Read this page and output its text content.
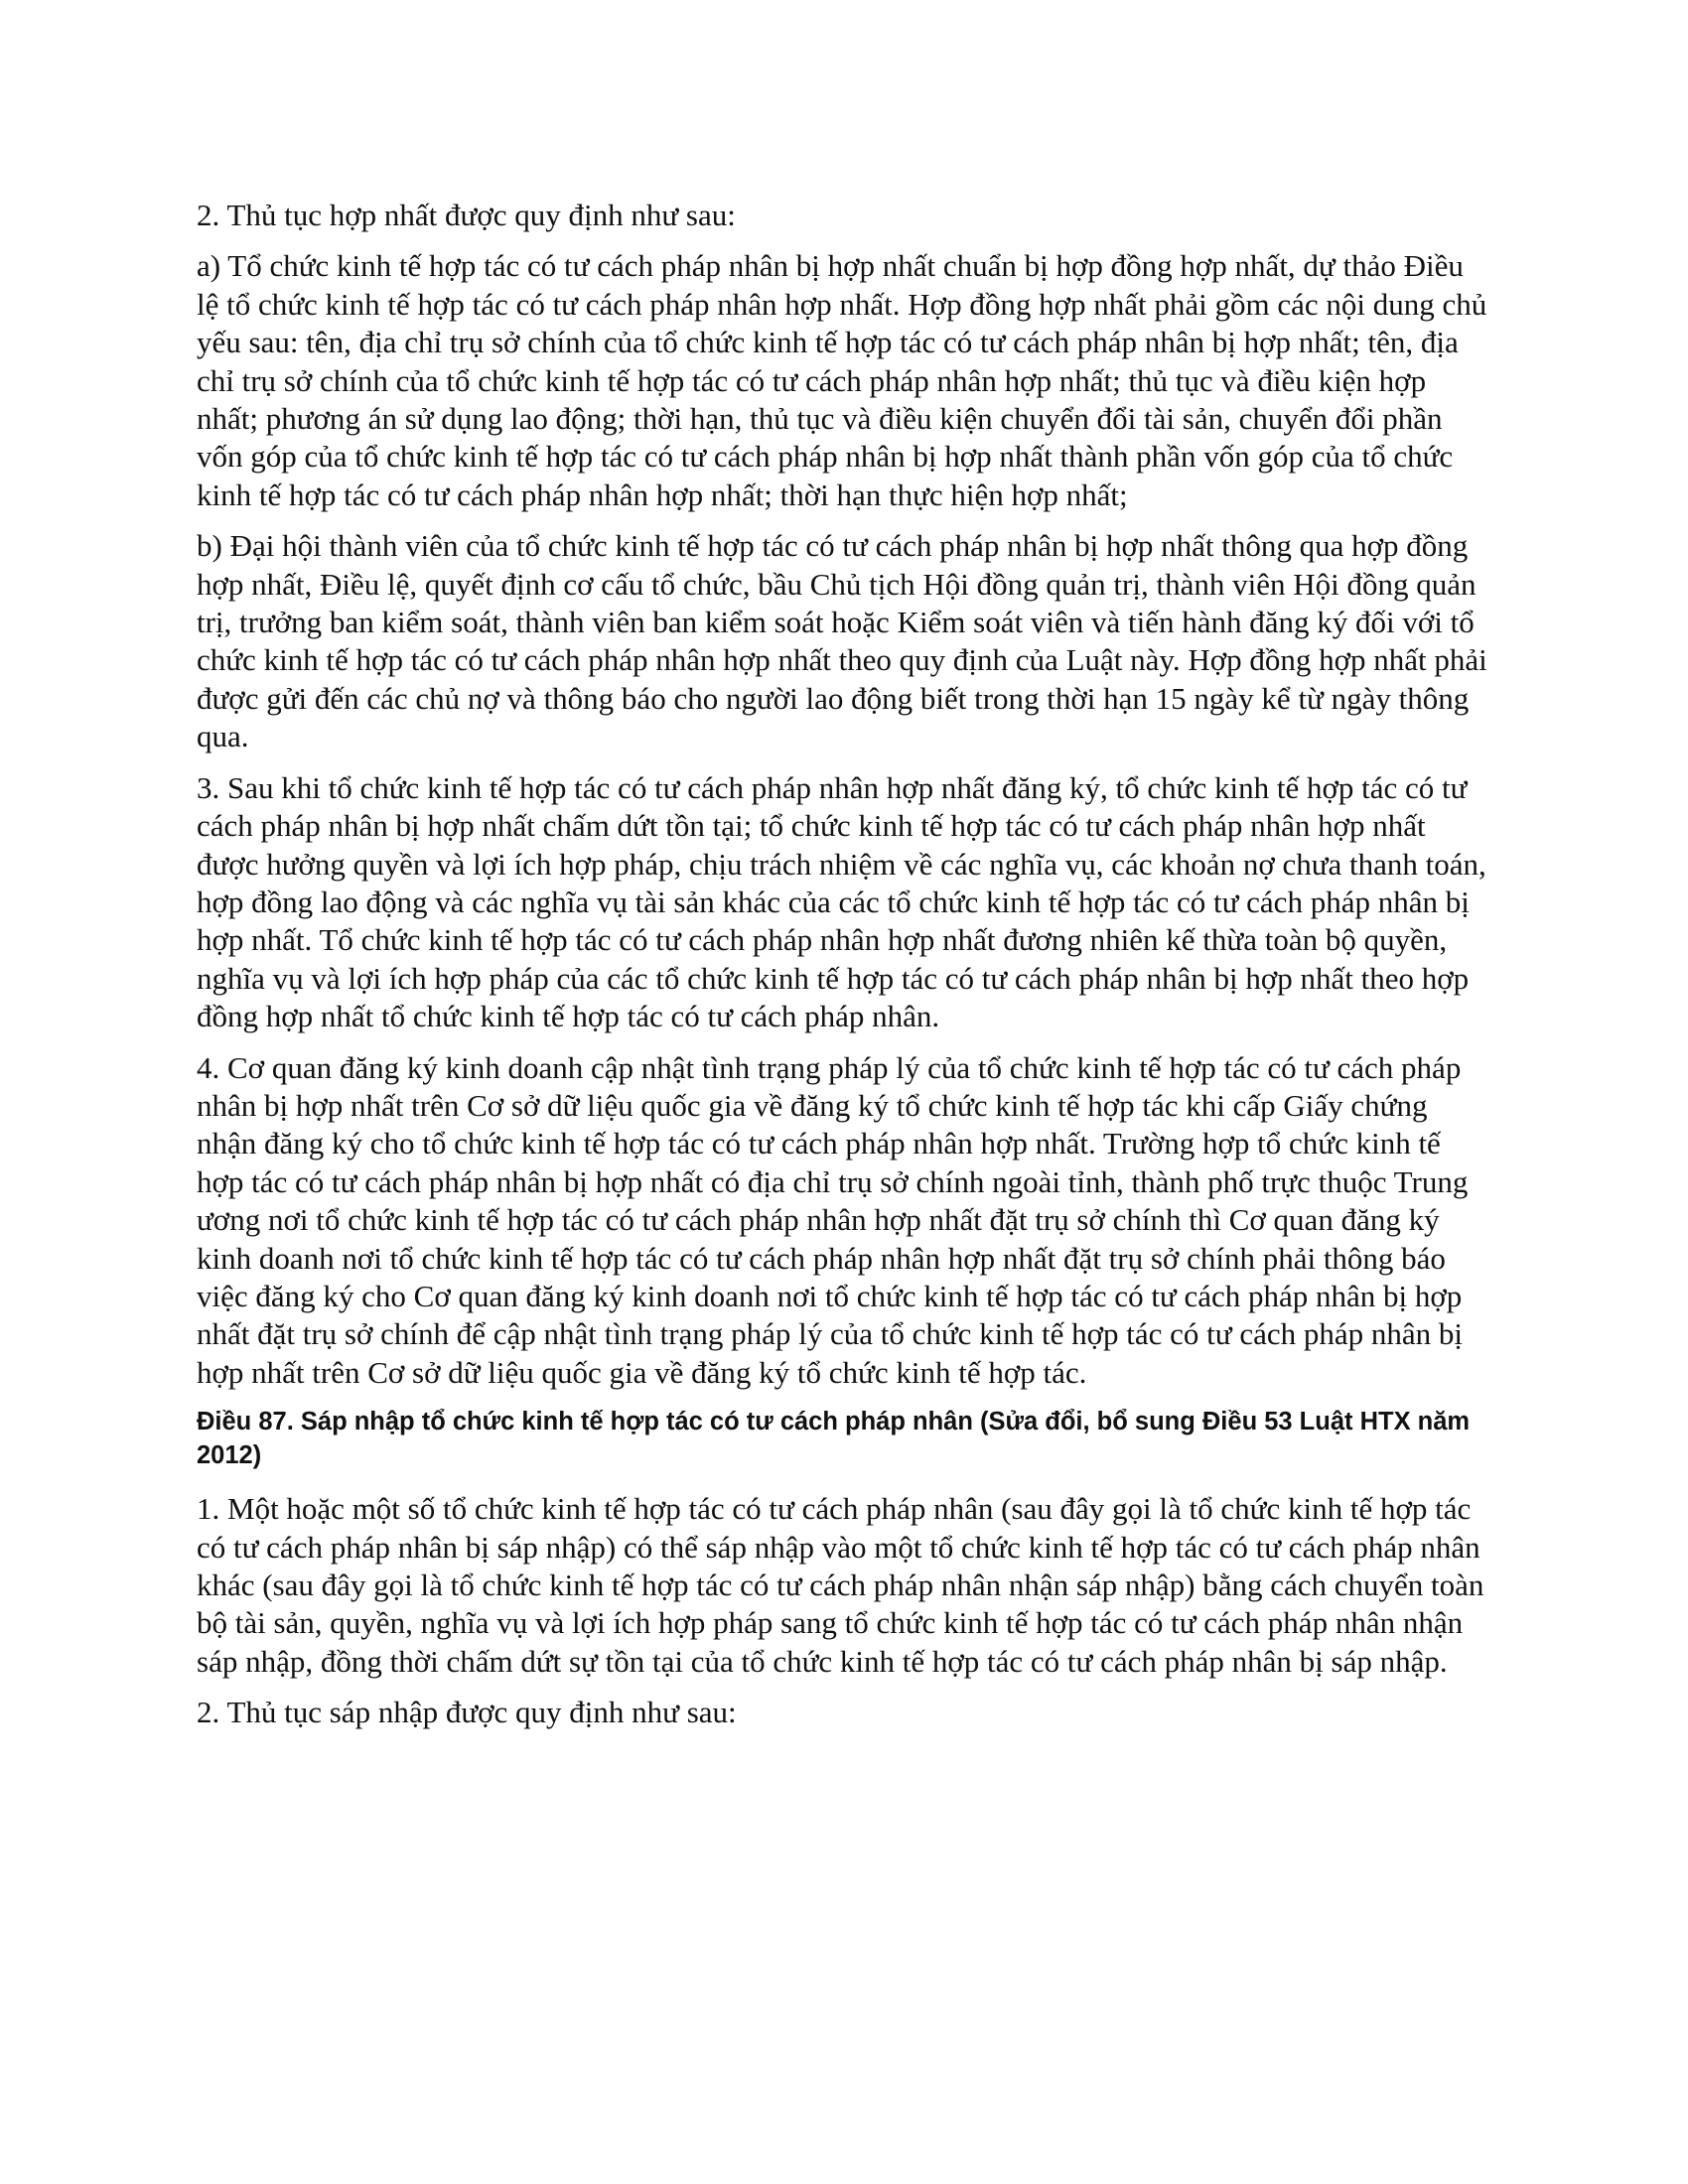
2. Thủ tục hợp nhất được quy định như sau:

a) Tổ chức kinh tế hợp tác có tư cách pháp nhân bị hợp nhất chuẩn bị hợp đồng hợp nhất, dự thảo Điều lệ tổ chức kinh tế hợp tác có tư cách pháp nhân hợp nhất. Hợp đồng hợp nhất phải gồm các nội dung chủ yếu sau: tên, địa chỉ trụ sở chính của tổ chức kinh tế hợp tác có tư cách pháp nhân bị hợp nhất; tên, địa chỉ trụ sở chính của tổ chức kinh tế hợp tác có tư cách pháp nhân hợp nhất; thủ tục và điều kiện hợp nhất; phương án sử dụng lao động; thời hạn, thủ tục và điều kiện chuyển đổi tài sản, chuyển đổi phần vốn góp của tổ chức kinh tế hợp tác có tư cách pháp nhân bị hợp nhất thành phần vốn góp của tổ chức kinh tế hợp tác có tư cách pháp nhân hợp nhất; thời hạn thực hiện hợp nhất;

b) Đại hội thành viên của tổ chức kinh tế hợp tác có tư cách pháp nhân bị hợp nhất thông qua hợp đồng hợp nhất, Điều lệ, quyết định cơ cấu tổ chức, bầu Chủ tịch Hội đồng quản trị, thành viên Hội đồng quản trị, trưởng ban kiểm soát, thành viên ban kiểm soát hoặc Kiểm soát viên và tiến hành đăng ký đối với tổ chức kinh tế hợp tác có tư cách pháp nhân hợp nhất theo quy định của Luật này. Hợp đồng hợp nhất phải được gửi đến các chủ nợ và thông báo cho người lao động biết trong thời hạn 15 ngày kể từ ngày thông qua.

3. Sau khi tổ chức kinh tế hợp tác có tư cách pháp nhân hợp nhất đăng ký, tổ chức kinh tế hợp tác có tư cách pháp nhân bị hợp nhất chấm dứt tồn tại; tổ chức kinh tế hợp tác có tư cách pháp nhân hợp nhất được hưởng quyền và lợi ích hợp pháp, chịu trách nhiệm về các nghĩa vụ, các khoản nợ chưa thanh toán, hợp đồng lao động và các nghĩa vụ tài sản khác của các tổ chức kinh tế hợp tác có tư cách pháp nhân bị hợp nhất. Tổ chức kinh tế hợp tác có tư cách pháp nhân hợp nhất đương nhiên kế thừa toàn bộ quyền, nghĩa vụ và lợi ích hợp pháp của các tổ chức kinh tế hợp tác có tư cách pháp nhân bị hợp nhất theo hợp đồng hợp nhất tổ chức kinh tế hợp tác có tư cách pháp nhân.

4. Cơ quan đăng ký kinh doanh cập nhật tình trạng pháp lý của tổ chức kinh tế hợp tác có tư cách pháp nhân bị hợp nhất trên Cơ sở dữ liệu quốc gia về đăng ký tổ chức kinh tế hợp tác khi cấp Giấy chứng nhận đăng ký cho tổ chức kinh tế hợp tác có tư cách pháp nhân hợp nhất. Trường hợp tổ chức kinh tế hợp tác có tư cách pháp nhân bị hợp nhất có địa chỉ trụ sở chính ngoài tỉnh, thành phố trực thuộc Trung ương nơi tổ chức kinh tế hợp tác có tư cách pháp nhân hợp nhất đặt trụ sở chính thì Cơ quan đăng ký kinh doanh nơi tổ chức kinh tế hợp tác có tư cách pháp nhân hợp nhất đặt trụ sở chính phải thông báo việc đăng ký cho Cơ quan đăng ký kinh doanh nơi tổ chức kinh tế hợp tác có tư cách pháp nhân bị hợp nhất đặt trụ sở chính để cập nhật tình trạng pháp lý của tổ chức kinh tế hợp tác có tư cách pháp nhân bị hợp nhất trên Cơ sở dữ liệu quốc gia về đăng ký tổ chức kinh tế hợp tác.

Điều 87. Sáp nhập tổ chức kinh tế hợp tác có tư cách pháp nhân (Sửa đổi, bổ sung Điều 53 Luật HTX năm 2012)

1. Một hoặc một số tổ chức kinh tế hợp tác có tư cách pháp nhân (sau đây gọi là tổ chức kinh tế hợp tác có tư cách pháp nhân bị sáp nhập) có thể sáp nhập vào một tổ chức kinh tế hợp tác có tư cách pháp nhân khác (sau đây gọi là tổ chức kinh tế hợp tác có tư cách pháp nhân nhận sáp nhập) bằng cách chuyển toàn bộ tài sản, quyền, nghĩa vụ và lợi ích hợp pháp sang tổ chức kinh tế hợp tác có tư cách pháp nhân nhận sáp nhập, đồng thời chấm dứt sự tồn tại của tổ chức kinh tế hợp tác có tư cách pháp nhân bị sáp nhập.

2. Thủ tục sáp nhập được quy định như sau:
